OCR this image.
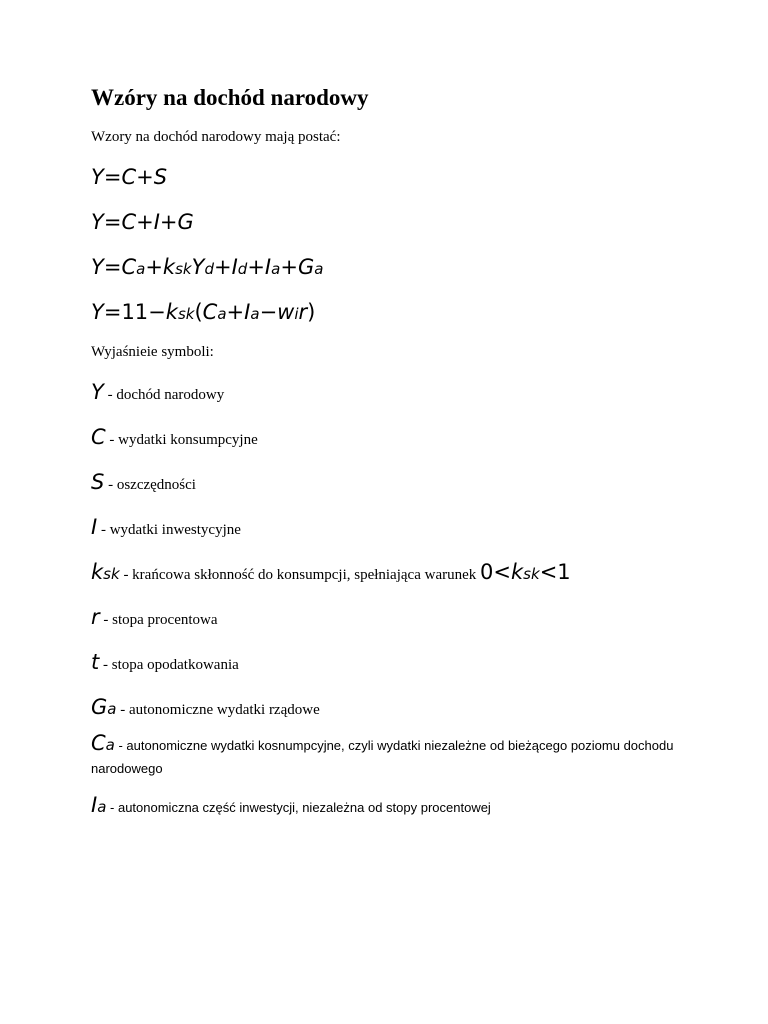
Wzóry na dochód narodowy
Wzory na dochód narodowy mają postać:
Y=C+S
Y=C+I+G
Y=Ca+kskYd+Id+Ia+Ga
Y=11−ksk(Ca+Ia−wir)
Wyjaśnieie symboli:
Y - dochód narodowy
C - wydatki konsumpcyjne
S - oszczędności
I - wydatki inwestycyjne
ksk - krańcowa skłonność do konsumpcji, spełniająca warunek 0<ksk<1
r - stopa procentowa
t - stopa opodatkowania
Ga - autonomiczne wydatki rządowe
Ca - autonomiczne wydatki kosnumpcyjne, czyli wydatki niezależne od bieżącego poziomu dochodu narodowego
Ia - autonomiczna część inwestycji, niezależna od stopy procentowej
